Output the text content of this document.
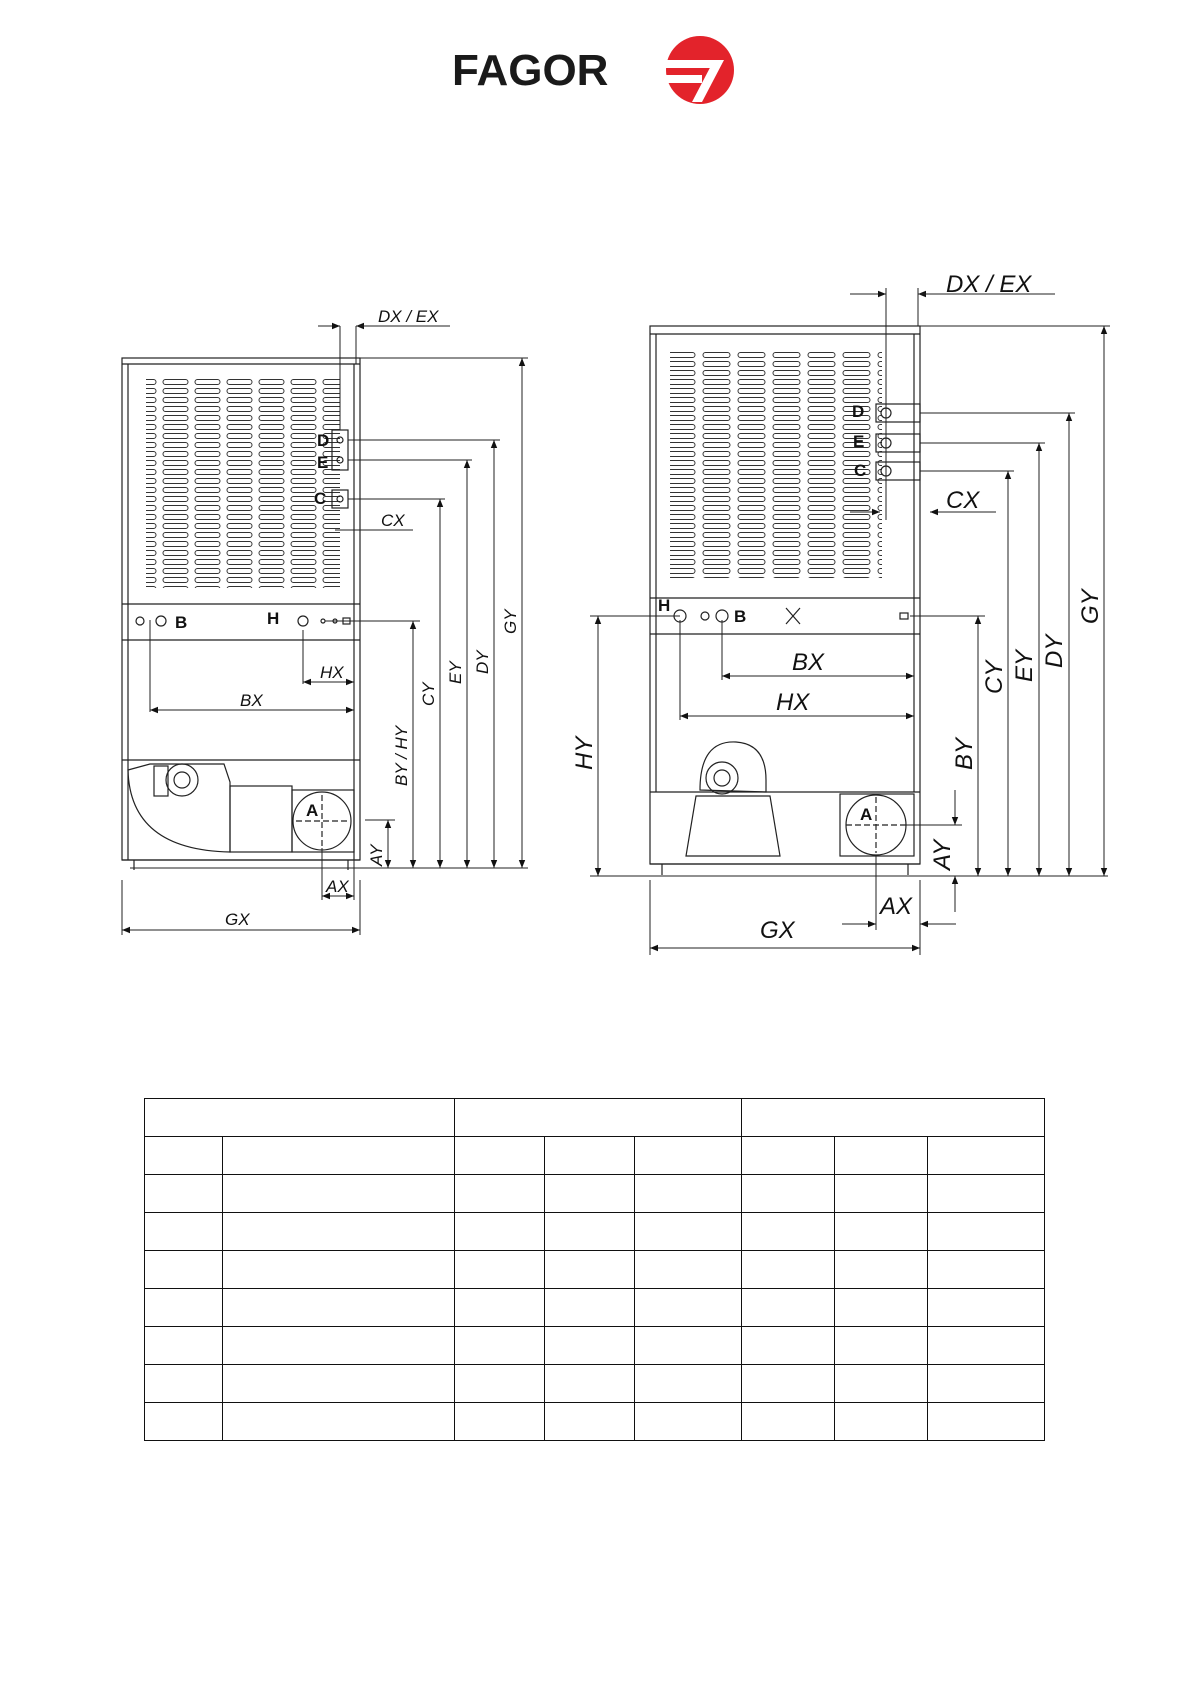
FAGOR
D
E
C
B	H
A
DX / EX
CX
HX
BX
AX
GX
AY
BY / HY
CY
EY DY
GY
D
E
C
H
B
A
DX / EX
CX
BX
HX
AX
GX
HY
AY
BY
CY EY DY
GY
